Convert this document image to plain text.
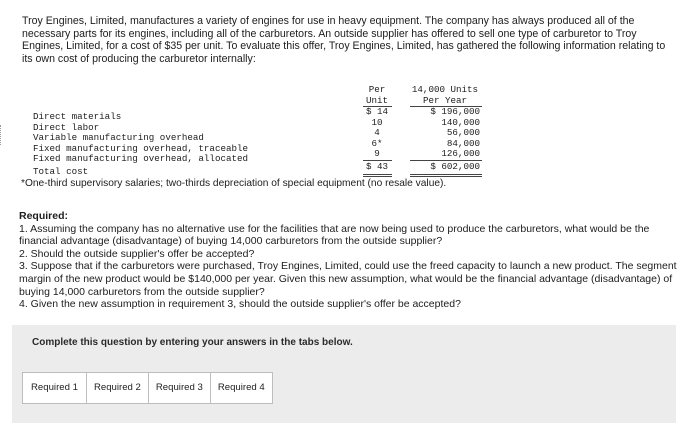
Troy Engines, Limited, manufactures a variety of engines for use in heavy equipment. The company has always produced all of the necessary parts for its engines, including all of the carburetors. An outside supplier has offered to sell one type of carburetor to Troy Engines, Limited, for a cost of $35 per unit. To evaluate this offer, Troy Engines, Limited, has gathered the following information relating to its own cost of producing the carburetor internally:
Per
Unit
14,000 Units
Per Year
Direct materials	$ 14	$ 196,000
Direct labor	10	140,000
Variable manufacturing overhead	4	56,000
Fixed manufacturing overhead, traceable	6*	84,000
Fixed manufacturing overhead, allocated	9	126,000
Total cost	$ 43	$ 602,000
*One-third supervisory salaries; two-thirds depreciation of special equipment (no resale value).

Required:

1. Assuming the company has no alternative use for the facilities that are now being used to produce the carburetors, what would be the financial advantage (disadvantage) of buying 14,000 carburetors from the outside supplier?

2. Should the outside supplier's offer be accepted?

3. Suppose that if the carburetors were purchased, Troy Engines, Limited, could use the freed capacity to launch a new product. The segment margin of the new product would be $140,000 per year. Given this new assumption, what would be the financial advantage (disadvantage) of buying 14,000 carburetors from the outside supplier?

4. Given the new assumption in requirement 3, should the outside supplier's offer be accepted?

Complete this question by entering your answers in the tabs below.
Required 1	Required 2	Required 3	Required 4
